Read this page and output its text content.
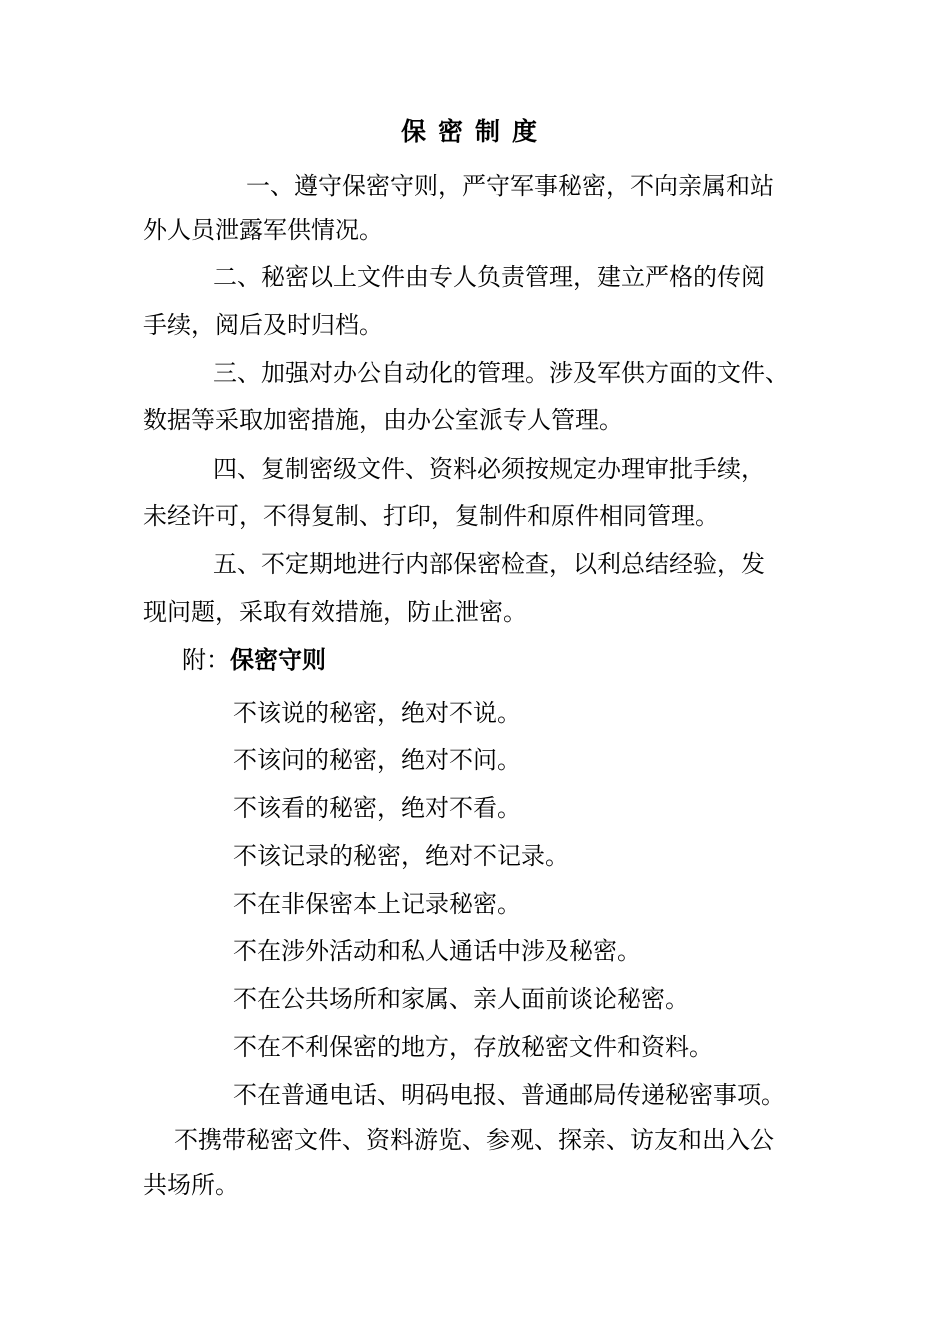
保密制度
一、遵守保密守则，严守军事秘密，不向亲属和站
外人员泄露军供情况。
二、秘密以上文件由专人负责管理，建立严格的传阅
手续，阅后及时归档。
三、加强对办公自动化的管理。涉及军供方面的文件、
数据等采取加密措施，由办公室派专人管理。
四、复制密级文件、资料必须按规定办理审批手续，
未经许可，不得复制、打印，复制件和原件相同管理。
五、不定期地进行内部保密检查，以利总结经验，发
现问题，采取有效措施，防止泄密。
附：保密守则
不该说的秘密，绝对不说。
不该问的秘密，绝对不问。
不该看的秘密，绝对不看。
不该记录的秘密，绝对不记录。
不在非保密本上记录秘密。
不在涉外活动和私人通话中涉及秘密。
不在公共场所和家属、亲人面前谈论秘密。
不在不利保密的地方，存放秘密文件和资料。
不在普通电话、明码电报、普通邮局传递秘密事项。
不携带秘密文件、资料游览、参观、探亲、访友和出入公
共场所。
